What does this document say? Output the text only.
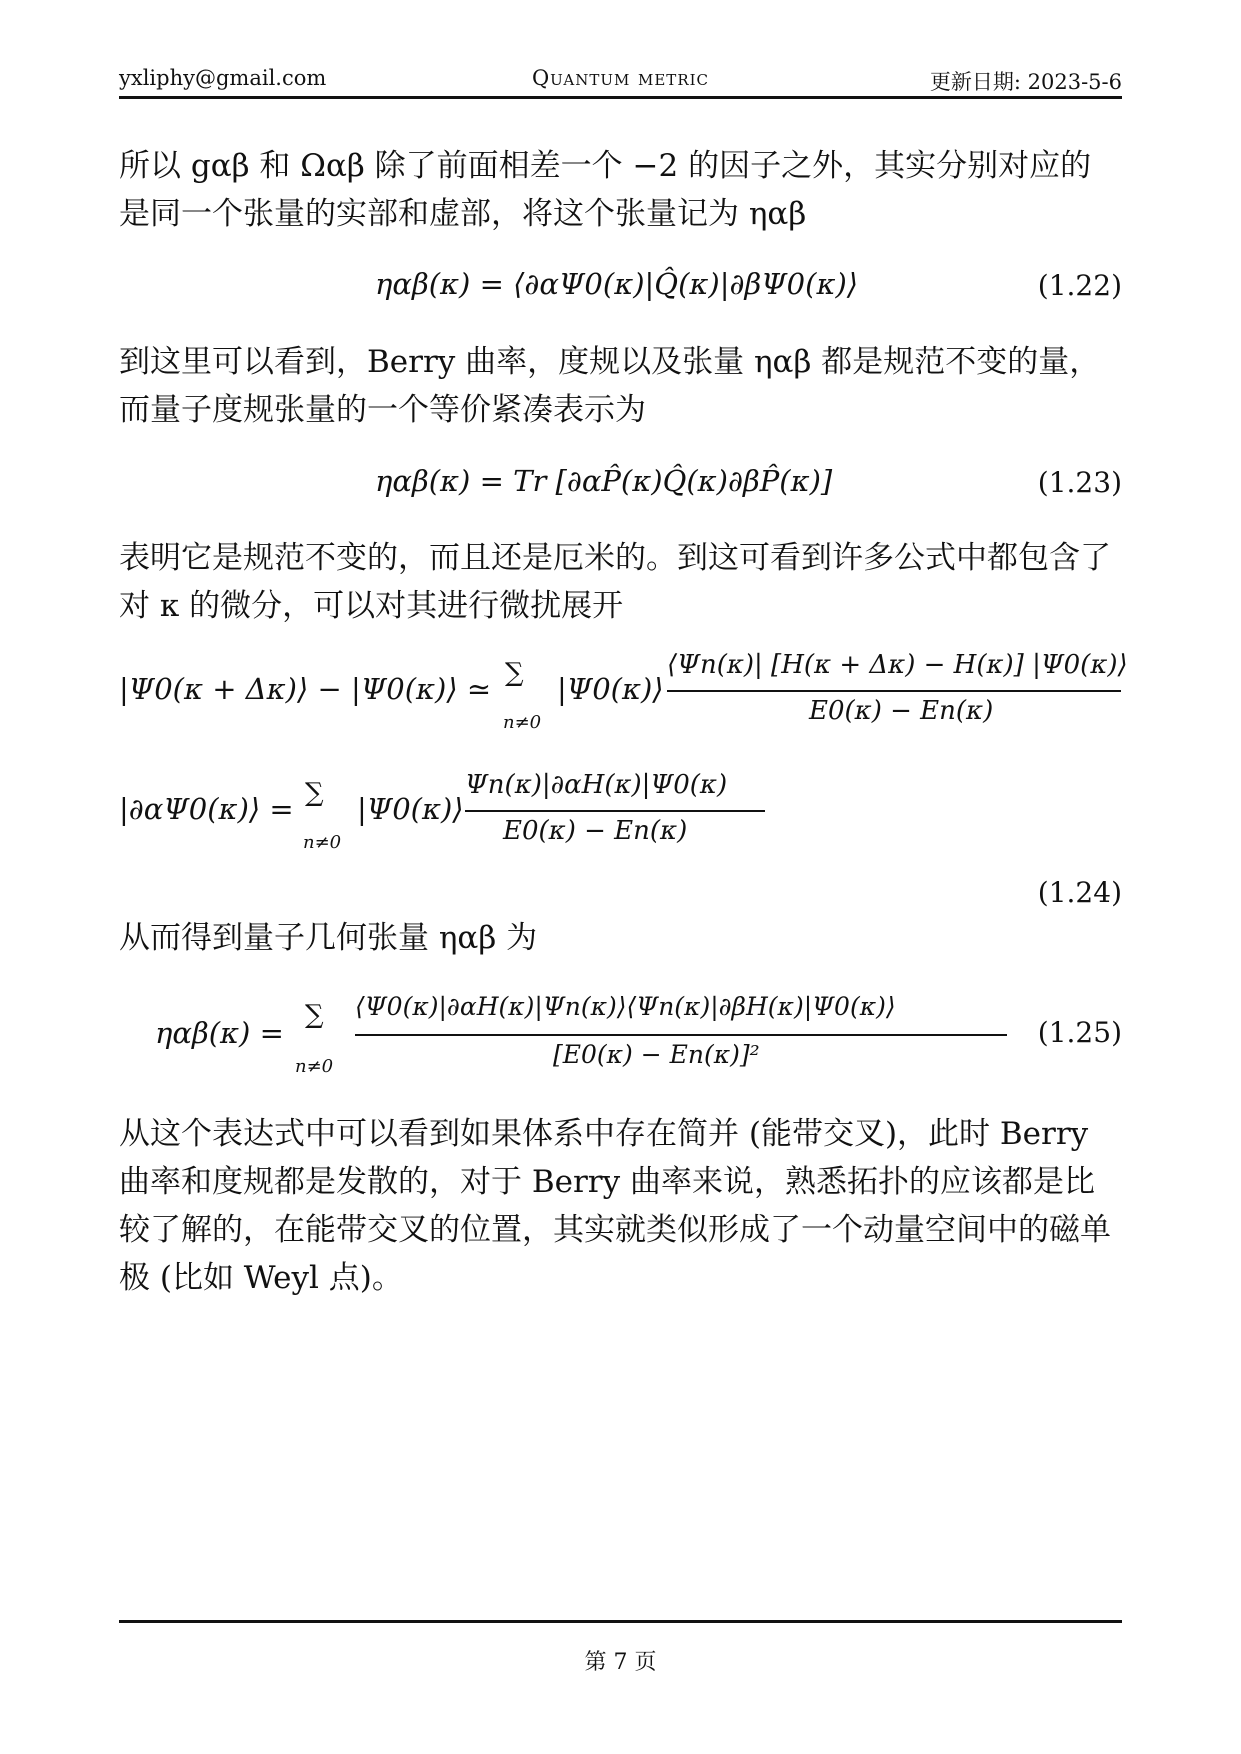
yxliphy@gmail.com	Quantum metric	更新日期: 2023-5-6

所以 gαβ 和 Ωαβ 除了前面相差一个 −2 的因子之外，其实分别对应的是同一个张量的实部和虚部，将这个张量记为 ηαβ

ηαβ(κ) = ⟨∂αΨ0(κ)|Q̂(κ)|∂βΨ0(κ)⟩	(1.22)

到这里可以看到，Berry 曲率，度规以及张量 ηαβ 都是规范不变的量，而量子度规张量的一个等价紧凑表示为

ηαβ(κ) = Tr [∂αP̂(κ)Q̂(κ)∂βP̂(κ)]	(1.23)

表明它是规范不变的，而且还是厄米的。到这可看到许多公式中都包含了对 κ 的微分，可以对其进行微扰展开

|Ψ0(κ + Δκ)⟩ − |Ψ0(κ)⟩ ≃ ∑
n≠0
|Ψ0(κ)⟩
⟨Ψn(κ)| [H(κ + Δκ) − H(κ)] |Ψ0(κ)⟩
E0(κ) − En(κ)
|∂αΨ0(κ)⟩ = ∑
n≠0
|Ψ0(κ)⟩
Ψn(κ)|∂αH(κ)|Ψ0(κ)
E0(κ) − En(κ)
(1.24)

从而得到量子几何张量 ηαβ 为

ηαβ(κ) =
∑
n≠0
⟨Ψ0(κ)|∂αH(κ)|Ψn(κ)⟩⟨Ψn(κ)|∂βH(κ)|Ψ0(κ)⟩
[E0(κ) − En(κ)]²
(1.25)

从这个表达式中可以看到如果体系中存在简并 (能带交叉)，此时 Berry 曲率和度规都是发散的，对于 Berry 曲率来说，熟悉拓扑的应该都是比较了解的，在能带交叉的位置，其实就类似形成了一个动量空间中的磁单极 (比如 Weyl 点)。

第 7 页
